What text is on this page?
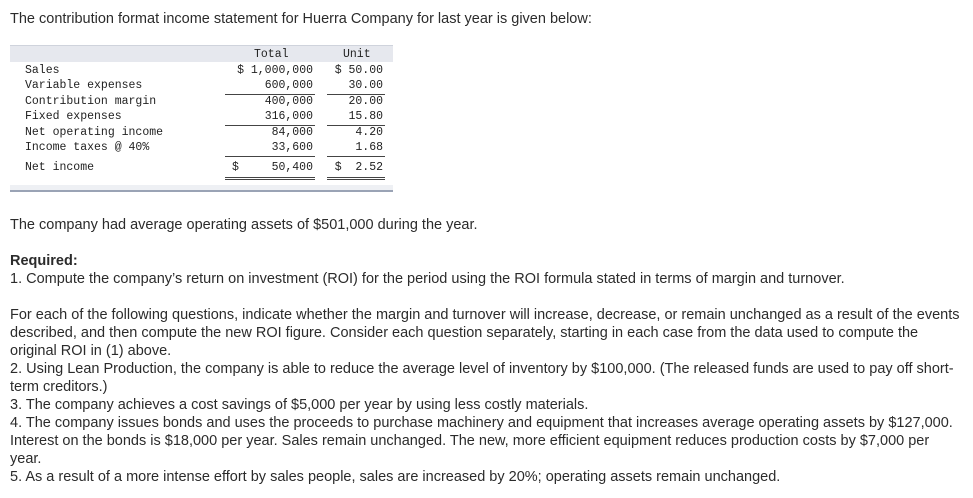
The contribution format income statement for Huerra Company for last year is given below:
Total	Unit
Sales	$ 1,000,000 $ 50.00
Variable expenses	600,000	30.00
Contribution margin	400,000	20.00
Fixed expenses	316,000	15.80
Net operating income	84,000	4.20
Income taxes @ 40%	33,600	1.68
Net income	$	50,400 $  2.52
The company had average operating assets of $501,000 during the year.
Required:
1. Compute the company’s return on investment (ROI) for the period using the ROI formula stated in terms of margin and turnover.
For each of the following questions, indicate whether the margin and turnover will increase, decrease, or remain unchanged as a result of the events described, and then compute the new ROI figure. Consider each question separately, starting in each case from the data used to compute the original ROI in (1) above.
2. Using Lean Production, the company is able to reduce the average level of inventory by $100,000. (The released funds are used to pay off short-term creditors.)
3. The company achieves a cost savings of $5,000 per year by using less costly materials.
4. The company issues bonds and uses the proceeds to purchase machinery and equipment that increases average operating assets by $127,000. Interest on the bonds is $18,000 per year. Sales remain unchanged. The new, more efficient equipment reduces production costs by $7,000 per year.
5. As a result of a more intense effort by sales people, sales are increased by 20%; operating assets remain unchanged.
